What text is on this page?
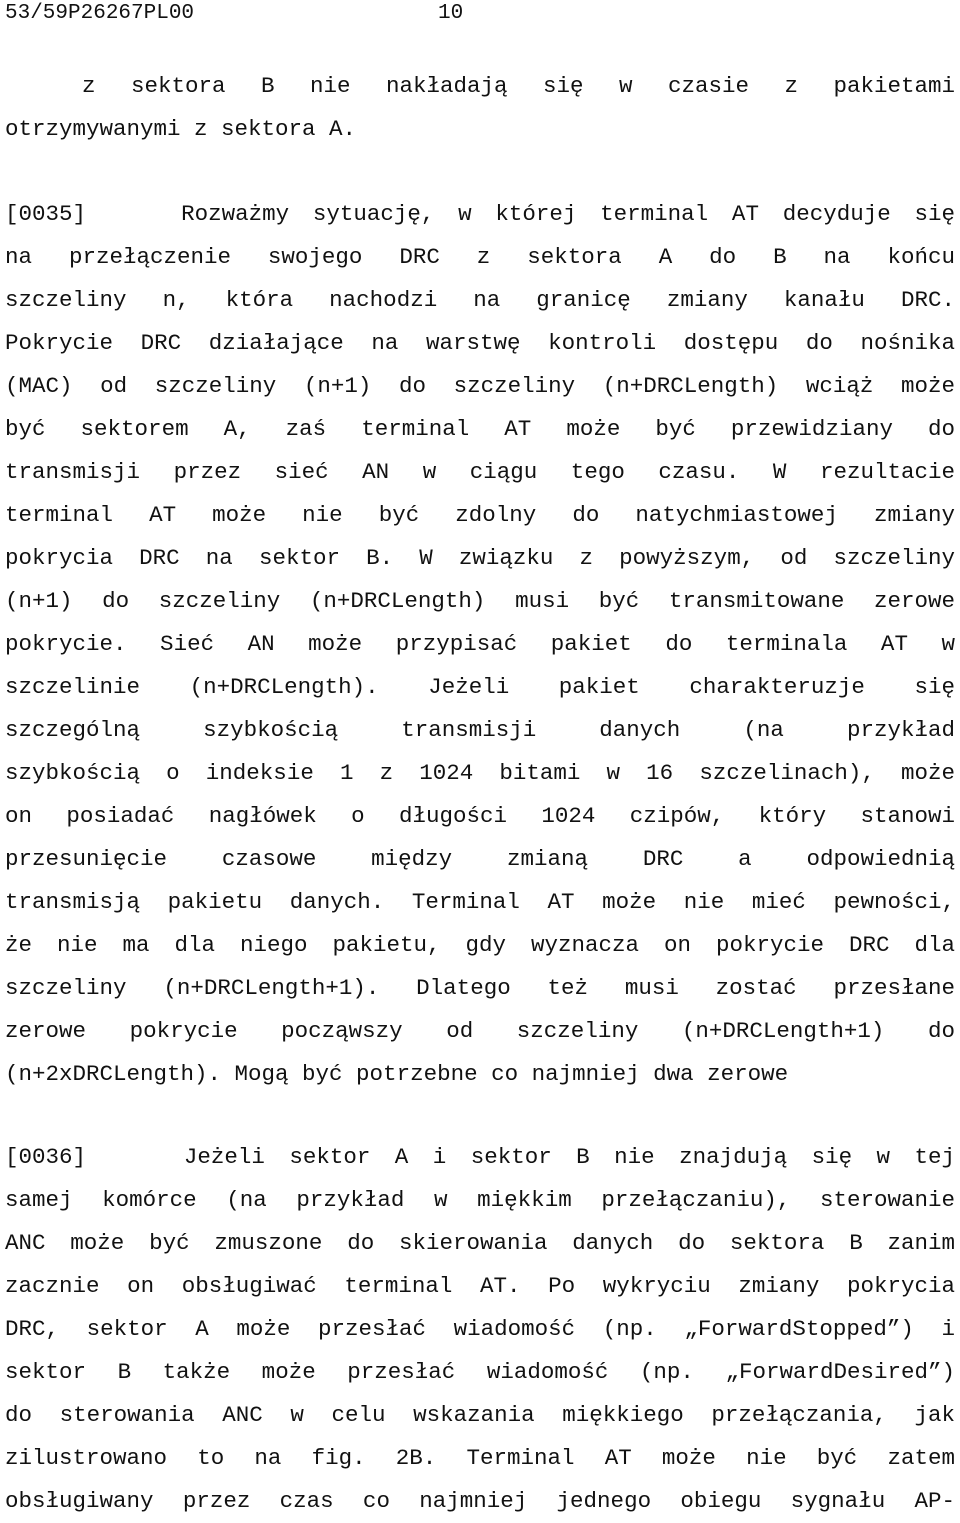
53/59P26267PL00	10
z sektora B nie nakładają się w czasie z pakietami
otrzymywanymi z sektora A.
[0035]	Rozważmy sytuację, w której terminal AT decyduje się
na przełączenie swojego DRC z sektora A do B na końcu
szczeliny n, która nachodzi na granicę zmiany kanału DRC.
Pokrycie DRC działające na warstwę kontroli dostępu do nośnika
(MAC) od szczeliny (n+1) do szczeliny (n+DRCLength) wciąż może
być sektorem A, zaś terminal AT może być przewidziany do
transmisji przez sieć AN w ciągu tego czasu. W rezultacie
terminal AT może nie być zdolny do natychmiastowej zmiany
pokrycia DRC na sektor B. W związku z powyższym, od szczeliny
(n+1) do szczeliny (n+DRCLength) musi być transmitowane zerowe
pokrycie. Sieć AN może przypisać pakiet do terminala AT w
szczelinie (n+DRCLength). Jeżeli pakiet charakteruzje się
szczególną szybkością transmisji danych (na przykład
szybkością o indeksie 1 z 1024 bitami w 16 szczelinach), może
on posiadać nagłówek o długości 1024 czipów, który stanowi
przesunięcie czasowe między zmianą DRC a odpowiednią
transmisją pakietu danych. Terminal AT może nie mieć pewności,
że nie ma dla niego pakietu, gdy wyznacza on pokrycie DRC dla
szczeliny (n+DRCLength+1). Dlatego też musi zostać przesłane
zerowe pokrycie począwszy od szczeliny (n+DRCLength+1) do
(n+2xDRCLength). Mogą być potrzebne co najmniej dwa zerowe
[0036]	Jeżeli sektor A i sektor B nie znajdują się w tej
samej komórce (na przykład w miękkim przełączaniu), sterowanie
ANC może być zmuszone do skierowania danych do sektora B zanim
zacznie on obsługiwać terminal AT. Po wykryciu zmiany pokrycia
DRC, sektor A może przesłać wiadomość (np. „ForwardStopped”) i
sektor B także może przesłać wiadomość (np. „ForwardDesired”)
do sterowania ANC w celu wskazania miękkiego przełączania, jak
zilustrowano to na fig. 2B. Terminal AT może nie być zatem
obsługiwany przez czas co najmniej jednego obiegu sygnału AP-
